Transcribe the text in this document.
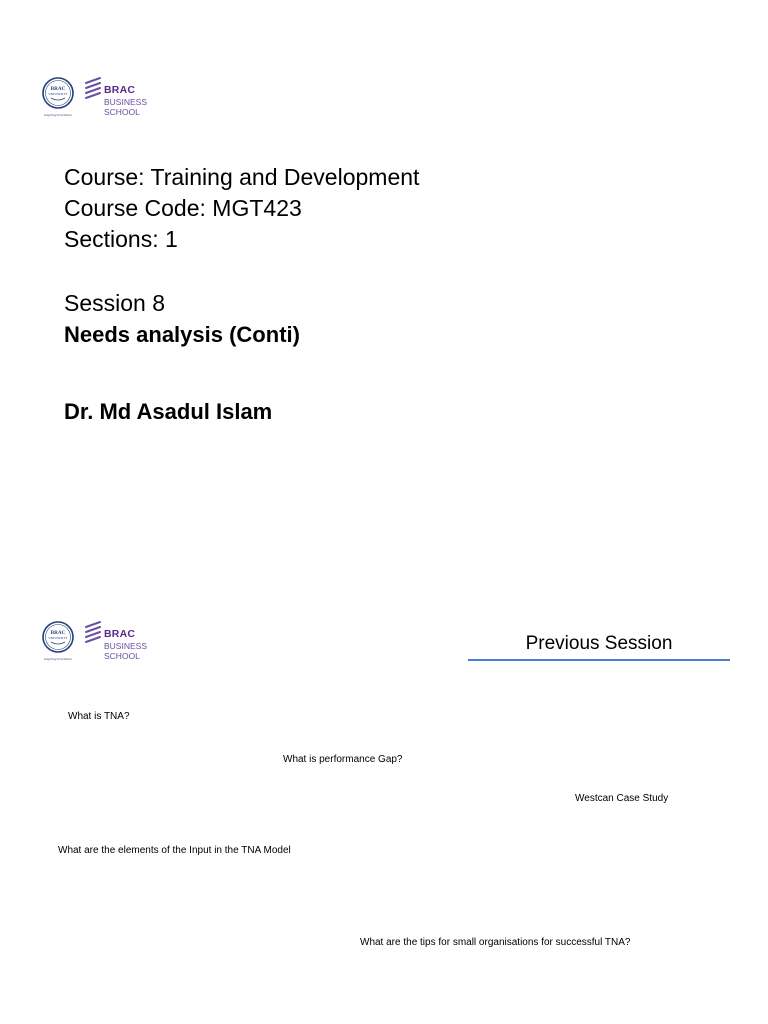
BRAC
UNIVERSITY
Inspiring Excellence
BRAC
BUSINESS
SCHOOL
Course: Training and Development
Course Code: MGT423
Sections: 1
Session 8
Needs analysis (Conti)
Dr. Md Asadul Islam
BRAC
UNIVERSITY
Inspiring Excellence
BRAC
BUSINESS
SCHOOL
Previous Session
What is TNA?
What is performance Gap?
Westcan Case Study
What are the elements of the Input in the TNA Model
What are the tips for small organisations for successful TNA?
